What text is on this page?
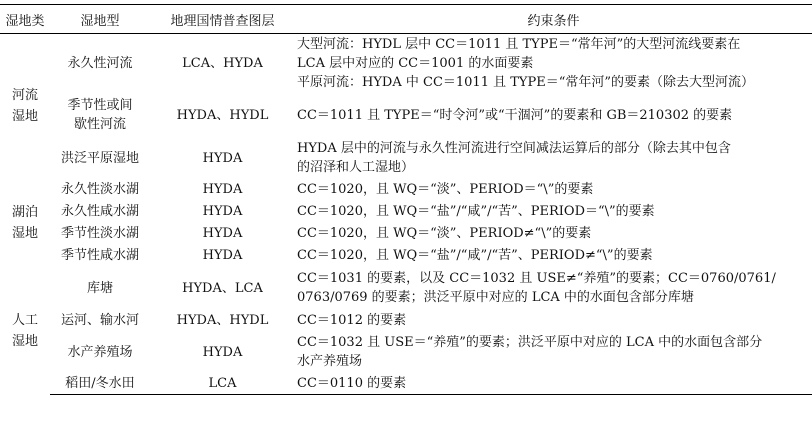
湿地类	湿地型	地理国情普查图层	约束条件

河流
湿地	永久性河流	LCA、HYDA	大型河流：HYDL 层中 CC＝1011 且 TYPE＝“常年河”的大型河流线要素在
LCA 层中对应的 CC＝1001 的水面要素
平原河流：HYDA 中 CC＝1011 且 TYPE＝“常年河”的要素（除去大型河流）

	季节性或间
歇性河流	HYDA、HYDL	CC＝1011 且 TYPE＝“时令河”或“干涸河”的要素和 GB＝210302 的要素

	洪泛平原湿地	HYDA	HYDA 层中的河流与永久性河流进行空间减法运算后的部分（除去其中包含
的沼泽和人工湿地）

湖泊
湿地	永久性淡水湖	HYDA	CC＝1020，且 WQ＝“淡”、PERIOD＝“\”的要素

	永久性咸水湖	HYDA	CC＝1020，且 WQ＝“盐”/“咸”/“苦”、PERIOD＝“\”的要素

	季节性淡水湖	HYDA	CC＝1020，且 WQ＝“淡”、PERIOD≠“\”的要素

	季节性咸水湖	HYDA	CC＝1020，且 WQ＝“盐”/“咸”/“苦”、PERIOD≠“\”的要素

人工
湿地	库塘	HYDA、LCA	CC＝1031 的要素，以及 CC＝1032 且 USE≠“养殖”的要素；CC＝0760/0761/
0763/0769 的要素；洪泛平原中对应的 LCA 中的水面包含部分库塘

	运河、输水河	HYDA、HYDL	CC＝1012 的要素

	水产养殖场	HYDA	CC＝1032 且 USE＝“养殖”的要素；洪泛平原中对应的 LCA 中的水面包含部分
水产养殖场

	稻田/冬水田	LCA	CC＝0110 的要素
